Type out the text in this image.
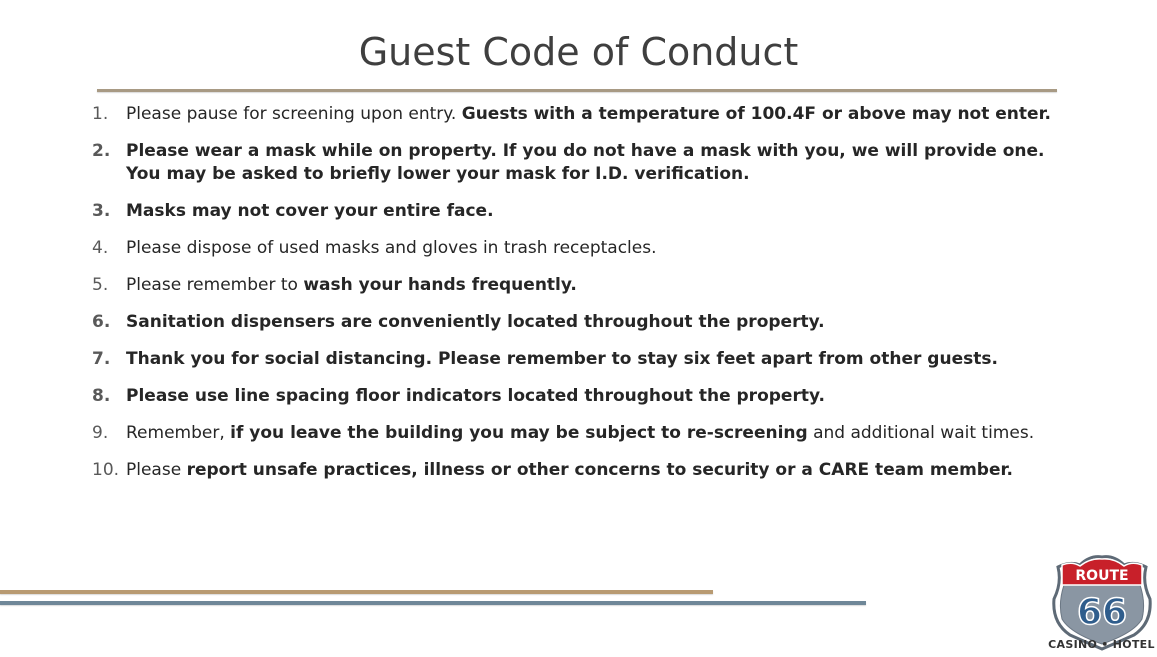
Guest Code of Conduct
1. Please pause for screening upon entry. Guests with a temperature of 100.4F or above may not enter.
2. Please wear a mask while on property. If you do not have a mask with you, we will provide one. You may be asked to briefly lower your mask for I.D. verification.
3. Masks may not cover your entire face.
4. Please dispose of used masks and gloves in trash receptacles.
5. Please remember to wash your hands frequently.
6. Sanitation dispensers are conveniently located throughout the property.
7. Thank you for social distancing. Please remember to stay six feet apart from other guests.
8. Please use line spacing floor indicators located throughout the property.
9. Remember, if you leave the building you may be subject to re-screening and additional wait times.
10. Please report unsafe practices, illness or other concerns to security or a CARE team member.
ROUTE
66
CASINO • HOTEL
